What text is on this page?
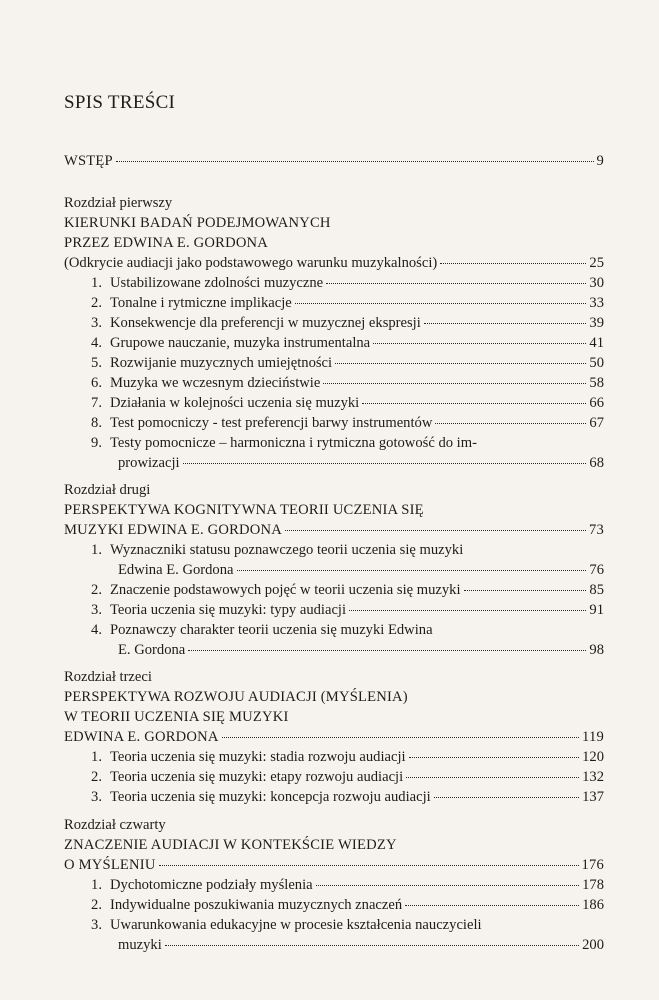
SPIS TREŚCI
WSTĘP	9
Rozdział pierwszy
KIERUNKI BADAŃ PODEJMOWANYCH
PRZEZ EDWINA E. GORDONA
(Odkrycie audiacji jako podstawowego warunku muzykalności)	25
1. Ustabilizowane zdolności muzyczne	30
2. Tonalne i rytmiczne implikacje	33
3. Konsekwencje dla preferencji w muzycznej ekspresji	39
4. Grupowe nauczanie, muzyka instrumentalna	41
5. Rozwijanie muzycznych umiejętności	50
6. Muzyka we wczesnym dzieciństwie	58
7. Działania w kolejności uczenia się muzyki	66
8. Test pomocniczy - test preferencji barwy instrumentów	67
9. Testy pomocnicze – harmoniczna i rytmiczna gotowość do im-
prowizacji	68
Rozdział drugi
PERSPEKTYWA KOGNITYWNA TEORII UCZENIA SIĘ
MUZYKI EDWINA E. GORDONA	73
1. Wyznaczniki statusu poznawczego teorii uczenia się muzyki
Edwina E. Gordona	76
2. Znaczenie podstawowych pojęć w teorii uczenia się muzyki	85
3. Teoria uczenia się muzyki: typy audiacji	91
4. Poznawczy charakter teorii uczenia się muzyki Edwina
E. Gordona	98
Rozdział trzeci
PERSPEKTYWA ROZWOJU AUDIACJI (MYŚLENIA)
W TEORII UCZENIA SIĘ MUZYKI
EDWINA E. GORDONA	119
1. Teoria uczenia się muzyki: stadia rozwoju audiacji	120
2. Teoria uczenia się muzyki: etapy rozwoju audiacji	132
3. Teoria uczenia się muzyki: koncepcja rozwoju audiacji	137
Rozdział czwarty
ZNACZENIE AUDIACJI W KONTEKŚCIE WIEDZY
O MYŚLENIU	176
1. Dychotomiczne podziały myślenia	178
2. Indywidualne poszukiwania muzycznych znaczeń	186
3. Uwarunkowania edukacyjne w procesie kształcenia nauczycieli
muzyki	200
